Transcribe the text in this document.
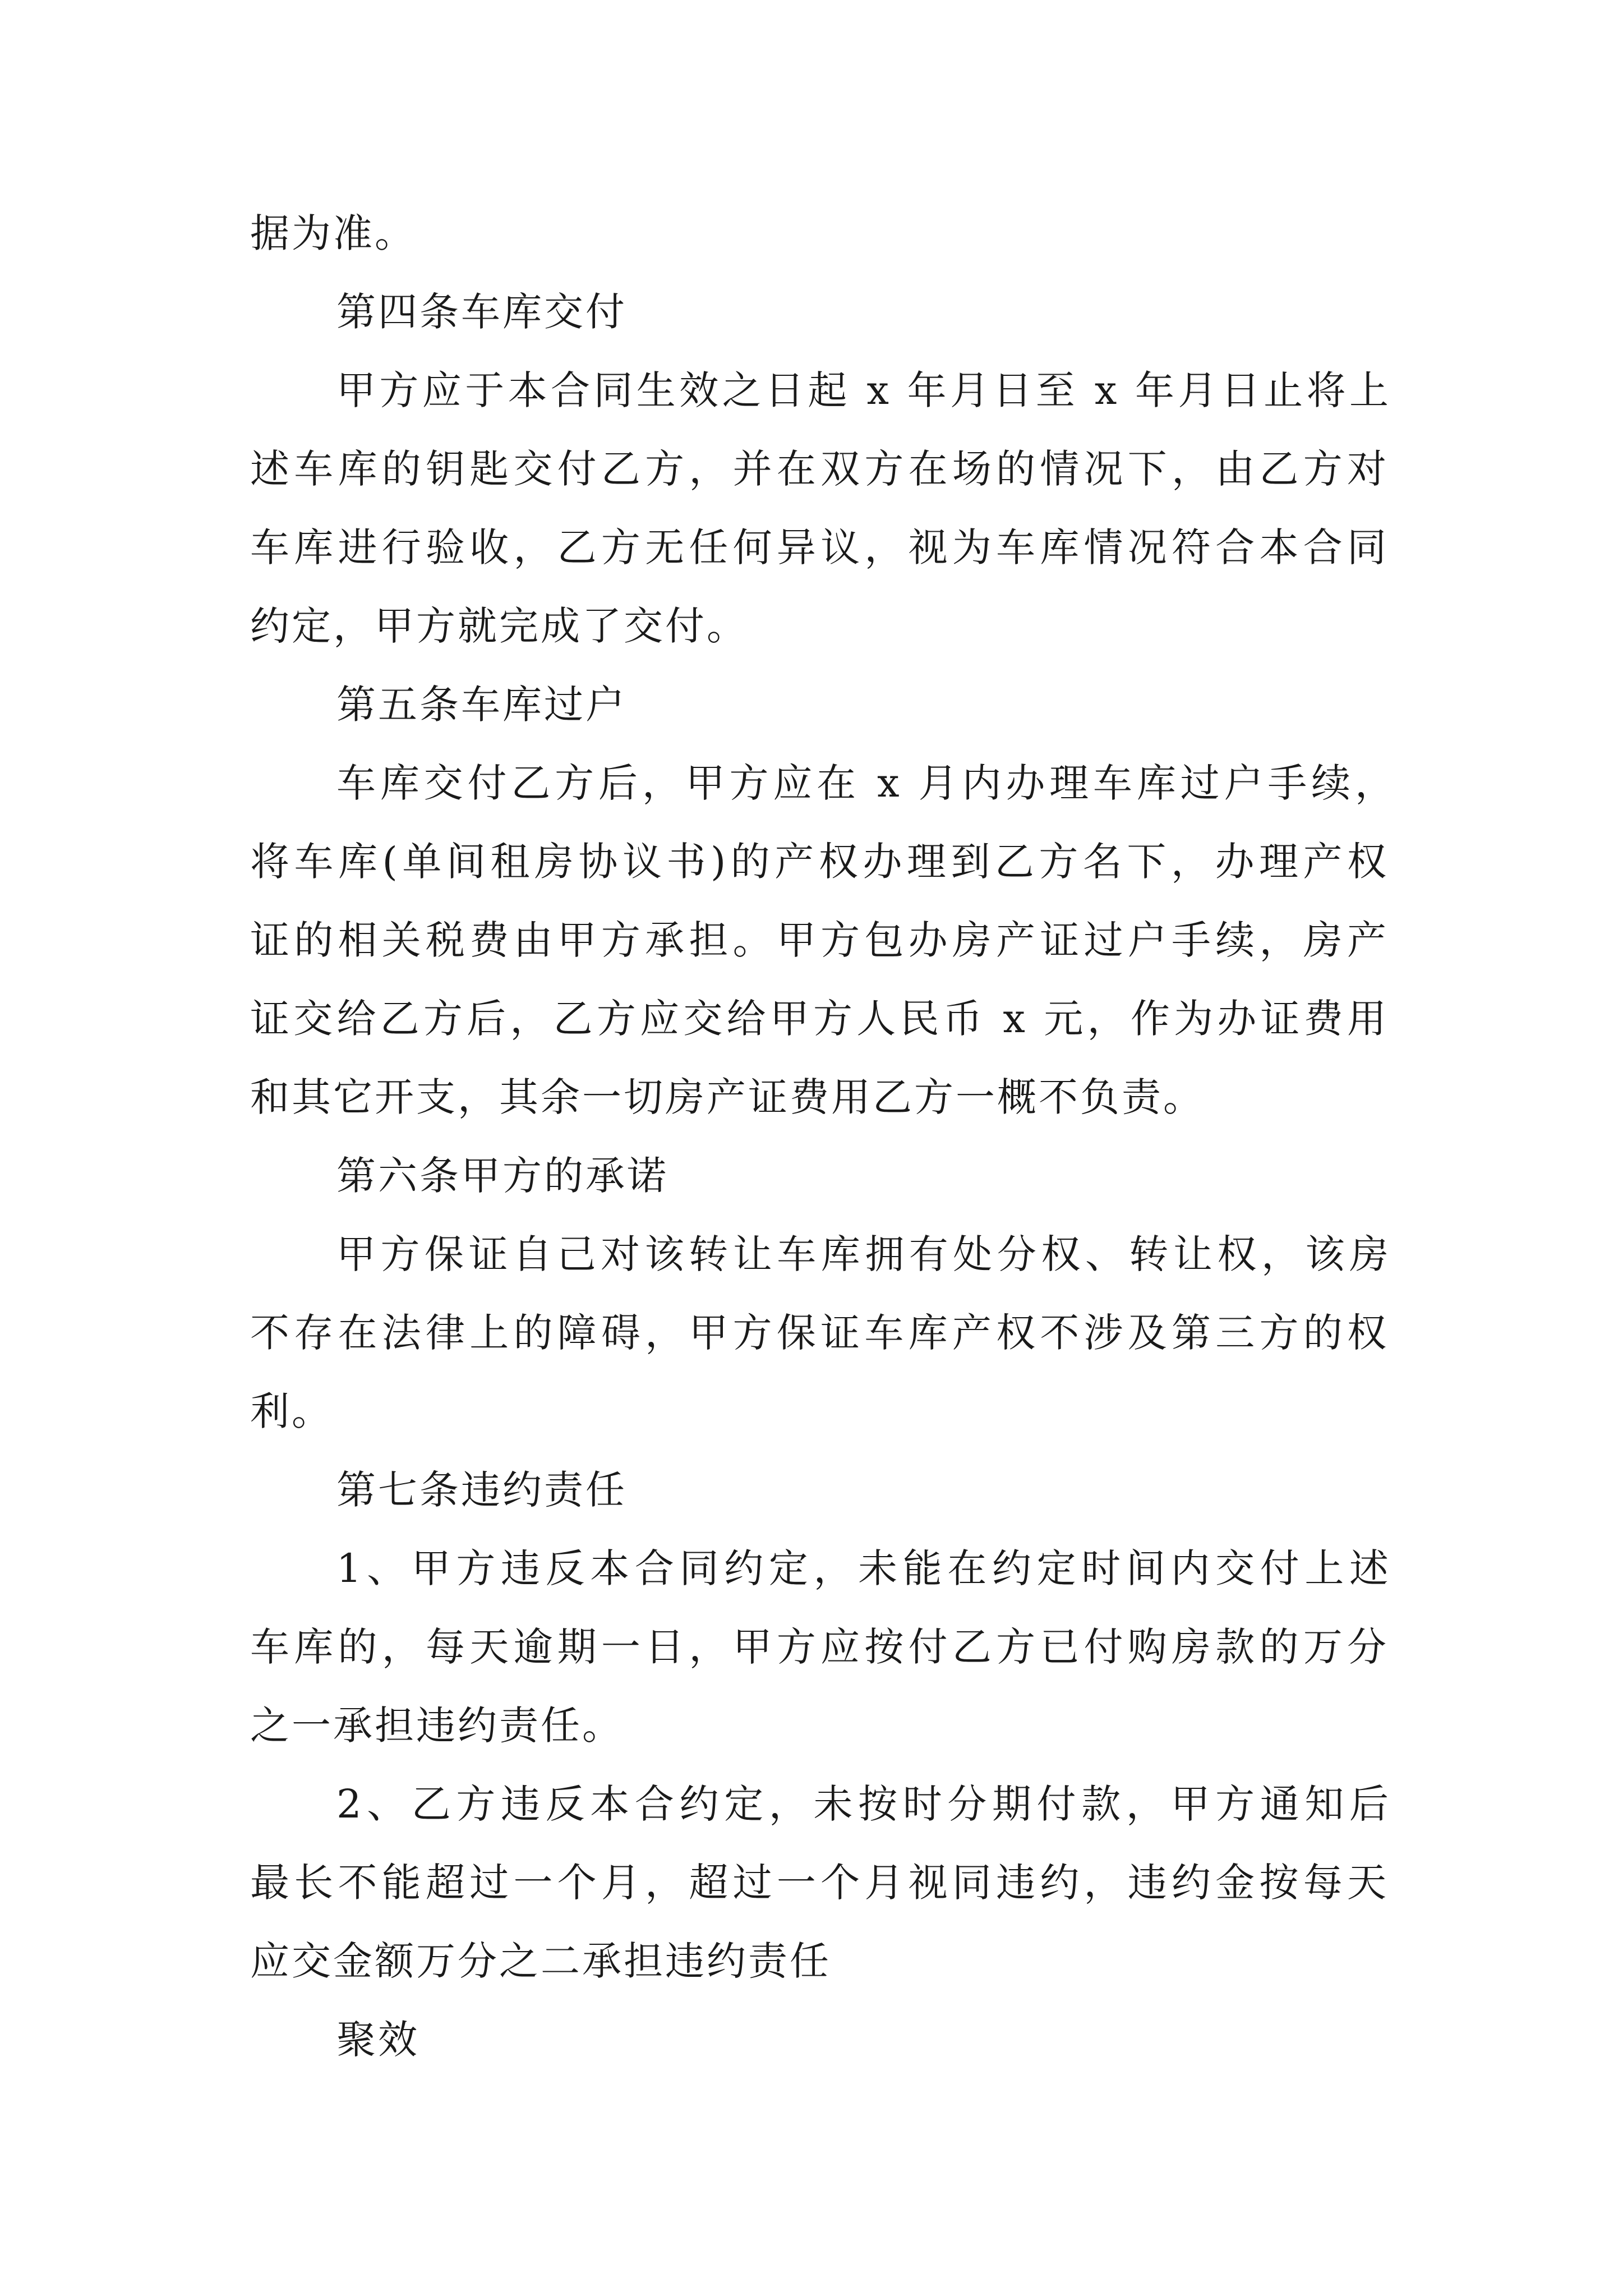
据为准。
第四条车库交付
甲方应于本合同生效之日起 x 年月日至 x 年月日止将上
述车库的钥匙交付乙方，并在双方在场的情况下，由乙方对
车库进行验收，乙方无任何异议，视为车库情况符合本合同
约定，甲方就完成了交付。
第五条车库过户
车库交付乙方后，甲方应在 x 月内办理车库过户手续，
将车库(单间租房协议书)的产权办理到乙方名下，办理产权
证的相关税费由甲方承担。甲方包办房产证过户手续，房产
证交给乙方后，乙方应交给甲方人民币 x 元，作为办证费用
和其它开支，其余一切房产证费用乙方一概不负责。
第六条甲方的承诺
甲方保证自己对该转让车库拥有处分权、转让权，该房
不存在法律上的障碍，甲方保证车库产权不涉及第三方的权
利。
第七条违约责任
1、甲方违反本合同约定，未能在约定时间内交付上述
车库的，每天逾期一日，甲方应按付乙方已付购房款的万分
之一承担违约责任。
2、乙方违反本合约定，未按时分期付款，甲方通知后
最长不能超过一个月，超过一个月视同违约，违约金按每天
应交金额万分之二承担违约责任
聚效
